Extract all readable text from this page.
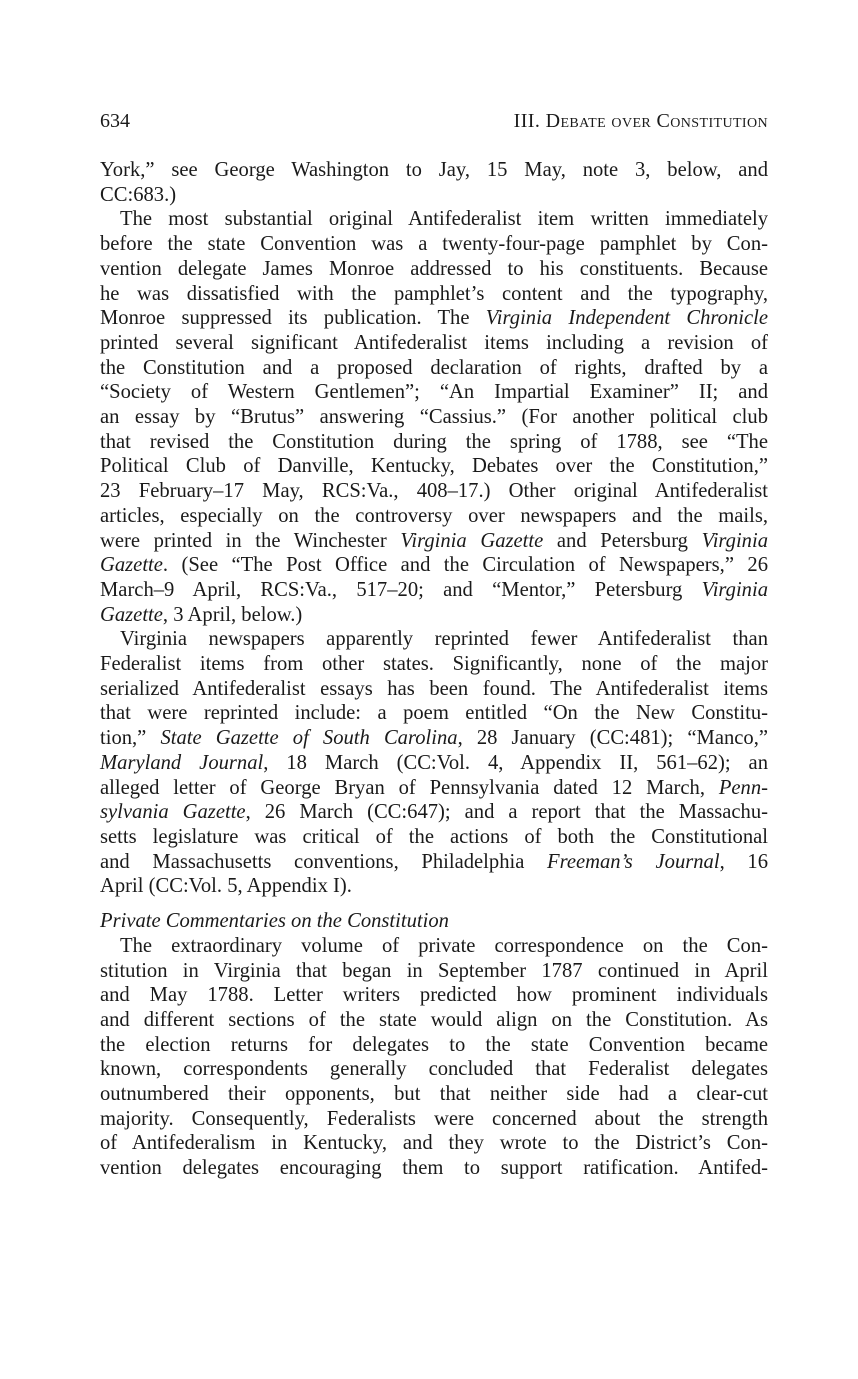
634	III. Debate over Constitution
York,” see George Washington to Jay, 15 May, note 3, below, and
CC:683.)
The most substantial original Antifederalist item written immediately
before the state Convention was a twenty-four-page pamphlet by Con-
vention delegate James Monroe addressed to his constituents. Because
he was dissatisfied with the pamphlet’s content and the typography,
Monroe suppressed its publication. The Virginia Independent Chronicle
printed several significant Antifederalist items including a revision of
the Constitution and a proposed declaration of rights, drafted by a
“Society of Western Gentlemen”; “An Impartial Examiner” II; and
an essay by “Brutus” answering “Cassius.” (For another political club
that revised the Constitution during the spring of 1788, see “The
Political Club of Danville, Kentucky, Debates over the Constitution,”
23 February–17 May, RCS:Va., 408–17.) Other original Antifederalist
articles, especially on the controversy over newspapers and the mails,
were printed in the Winchester Virginia Gazette and Petersburg Virginia
Gazette. (See “The Post Office and the Circulation of Newspapers,” 26
March–9 April, RCS:Va., 517–20; and “Mentor,” Petersburg Virginia
Gazette, 3 April, below.)
Virginia newspapers apparently reprinted fewer Antifederalist than
Federalist items from other states. Significantly, none of the major
serialized Antifederalist essays has been found. The Antifederalist items
that were reprinted include: a poem entitled “On the New Constitu-
tion,” State Gazette of South Carolina, 28 January (CC:481); “Manco,”
Maryland Journal, 18 March (CC:Vol. 4, Appendix II, 561–62); an
alleged letter of George Bryan of Pennsylvania dated 12 March, Penn-
sylvania Gazette, 26 March (CC:647); and a report that the Massachu-
setts legislature was critical of the actions of both the Constitutional
and Massachusetts conventions, Philadelphia Freeman’s Journal, 16
April (CC:Vol. 5, Appendix I).
Private Commentaries on the Constitution
The extraordinary volume of private correspondence on the Con-
stitution in Virginia that began in September 1787 continued in April
and May 1788. Letter writers predicted how prominent individuals
and different sections of the state would align on the Constitution. As
the election returns for delegates to the state Convention became
known, correspondents generally concluded that Federalist delegates
outnumbered their opponents, but that neither side had a clear-cut
majority. Consequently, Federalists were concerned about the strength
of Antifederalism in Kentucky, and they wrote to the District’s Con-
vention delegates encouraging them to support ratification. Antifed-
